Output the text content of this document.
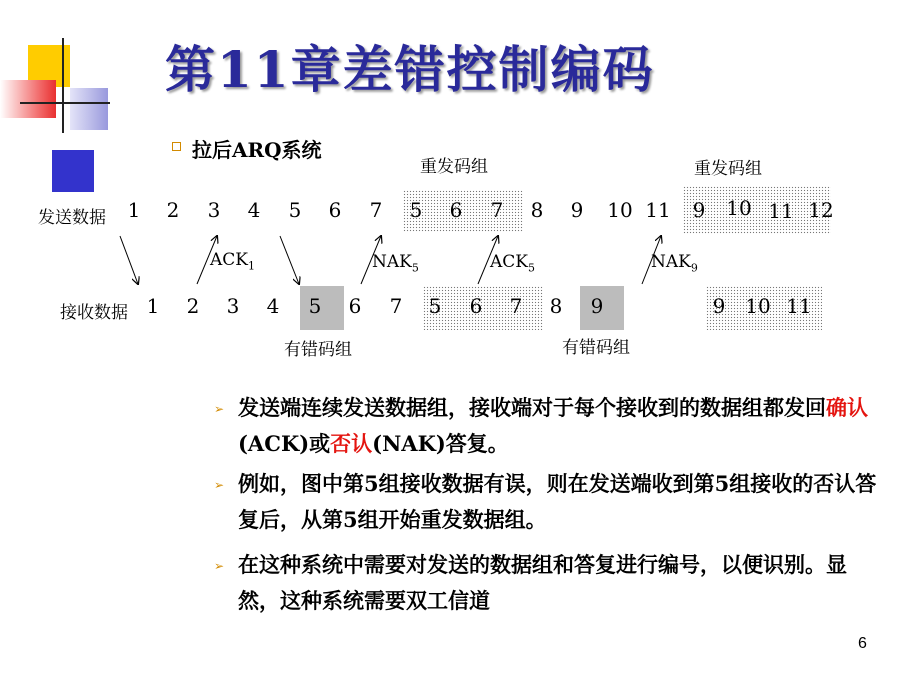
第11章差错控制编码
拉后ARQ系统
重发码组	重发码组
发送数据
接收数据
有错码组	有错码组
1	2	3	4	5	6	7	5	6	7	8	9	10 11	9	10 11 12
1	2	3	4	5	6	7	5	6	7	8	9	9 10 11
$ACK_1$	$NAK_5$	$ACK_5$	$NAK_9$
➢ 发送端连续发送数据组，接收端对于每个接收到的数据组都发回确认(ACK)或否认(NAK)答复。
➢ 例如，图中第5组接收数据有误，则在发送端收到第5组接收的否认答复后，从第5组开始重发数据组。
➢ 在这种系统中需要对发送的数据组和答复进行编号，以便识别。显然，这种系统需要双工信道
6
